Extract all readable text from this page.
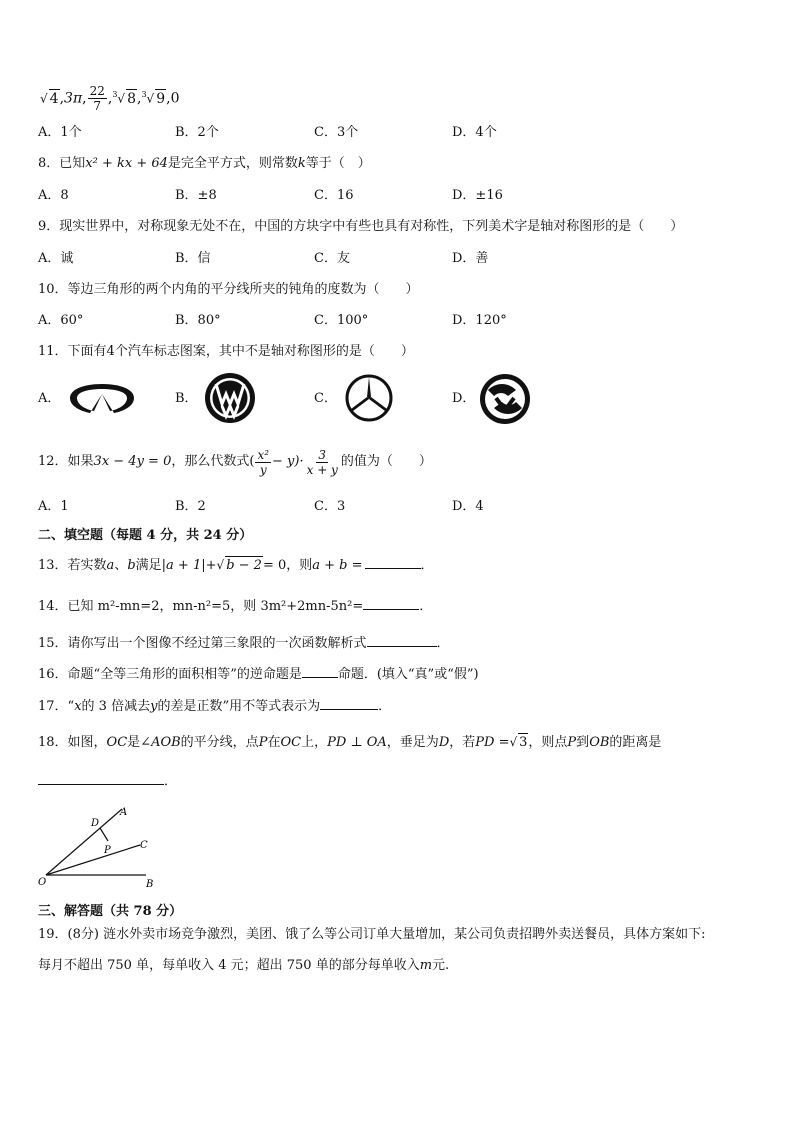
√ 4,3π, $\frac{22}{7} ,^3√$ 8,$^3$√ 9,0
A．1个	B．2个	C．3个	D．4个
8．已知x² + kx + 64是完全平方式，则常数k等于（　）
A．8	B．±8	C．16	D．±16
9．现实世界中，对称现象无处不在，中国的方块字中有些也具有对称性，下列美术字是轴对称图形的是（　　）
A．诚	B．信	C．友	D．善
10．等边三角形的两个内角的平分线所夹的钝角的度数为（　　）
A．60°	B．80°	C．100°	D．120°
11．下面有4个汽车标志图案，其中不是轴对称图形的是（　　）
A．	B．	C．	D．
12．如果 3x − 4y = 0 ，那么代数式 ( $\frac{\text{x²}}{y} - y)\cdot \frac{3}{x + y}$ 的值为（　　）
A．1	B．2	C．3	D．4
二、填空题（每题 4 分，共 24 分）
13．若实数a、b满足|a + 1|+√ b − 2= 0，则a + b =	．
14．已知 m²-mn=2，mn-n²=5，则 3m²+2mn-5n²=	．
15．请你写出一个图像不经过第三象限的一次函数解析式	．
16．命题“全等三角形的面积相等”的逆命题是	命题．(填入“真”或“假”)
17．“x的 3 倍减去y的差是正数”用不等式表示为	．
18．如图，OC是∠AOB的平分线，点P在OC上，PD ⊥ OA，垂足为D，若PD =√ 3，则点P到OB的距离是
．
D
A
C
P
O	B
三、解答题（共 78 分）
19．(8分) 涟水外卖市场竞争激烈，美团、饿了么等公司订单大量增加，某公司负责招聘外卖送餐员，具体方案如下:
每月不超出 750 单，每单收入 4 元；超出 750 单的部分每单收入m元.
